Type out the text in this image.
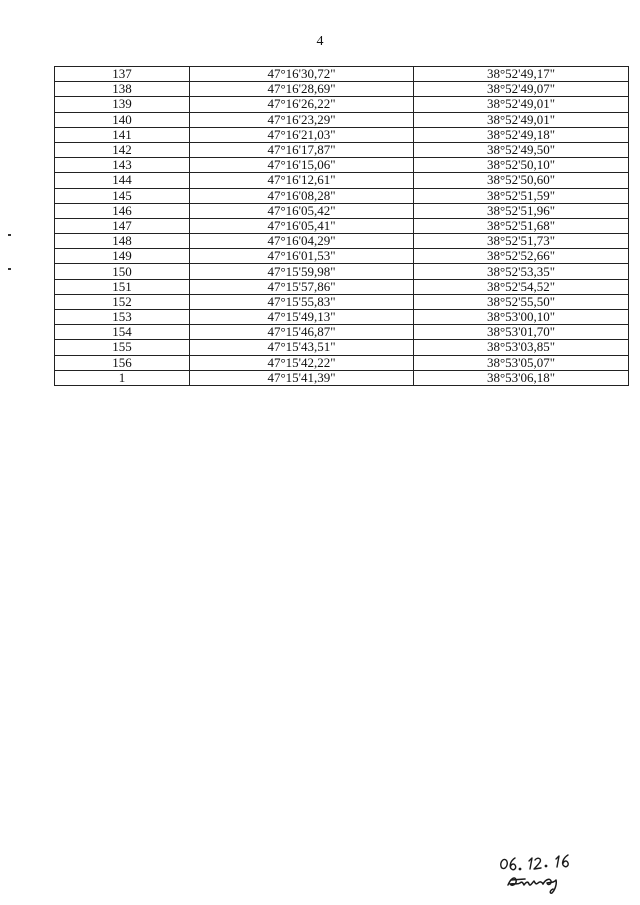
4
137	47°16'30,72"	38°52'49,17"
138	47°16'28,69"	38°52'49,07"
139	47°16'26,22"	38°52'49,01"
140	47°16'23,29"	38°52'49,01"
141	47°16'21,03"	38°52'49,18"
142	47°16'17,87"	38°52'49,50"
143	47°16'15,06"	38°52'50,10"
144	47°16'12,61"	38°52'50,60"
145	47°16'08,28"	38°52'51,59"
146	47°16'05,42"	38°52'51,96"
147	47°16'05,41"	38°52'51,68"
148	47°16'04,29"	38°52'51,73"
149	47°16'01,53"	38°52'52,66"
150	47°15'59,98"	38°52'53,35"
151	47°15'57,86"	38°52'54,52"
152	47°15'55,83"	38°52'55,50"
153	47°15'49,13"	38°53'00,10"
154	47°15'46,87"	38°53'01,70"
155	47°15'43,51"	38°53'03,85"
156	47°15'42,22"	38°53'05,07"
1	47°15'41,39"	38°53'06,18"
